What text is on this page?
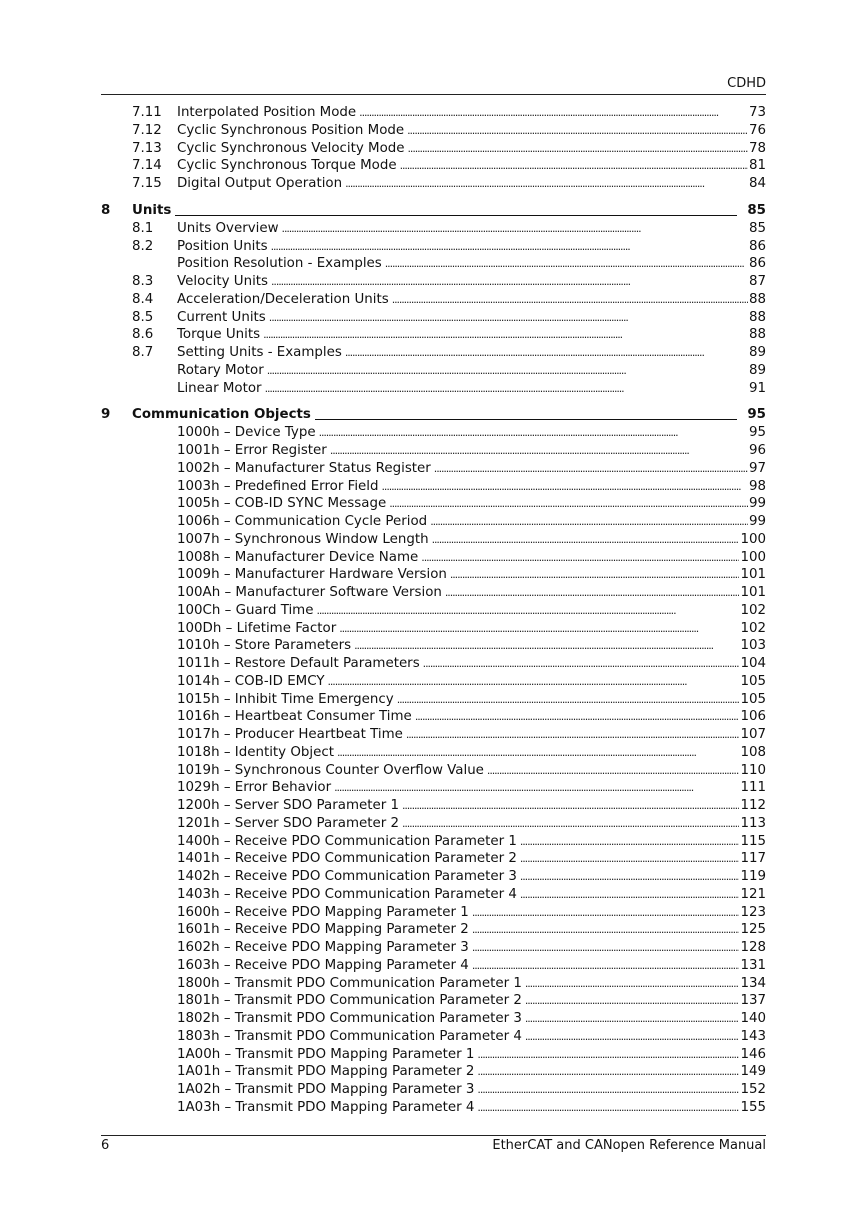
CDHD
7.11	Interpolated Position Mode . . .	73
7.12	Cyclic Synchronous Position Mode . . .	76
7.13	Cyclic Synchronous Velocity Mode . . .	78
7.14	Cyclic Synchronous Torque Mode . . .	81
7.15	Digital Output Operation . . .	84
8	Units	85
8.1	Units Overview . . .	85
8.2	Position Units . . .	86
Position Resolution - Examples . . .	86
8.3	Velocity Units . . .	87
8.4	Acceleration/Deceleration Units . . .	88
8.5	Current Units . . .	88
8.6	Torque Units . . .	88
8.7	Setting Units - Examples . . .	89
Rotary Motor . . .	89
Linear Motor . . .	91
9	Communication Objects	95
1000h – Device Type . . .	95
1001h – Error Register . . .	96
1002h – Manufacturer Status Register . . .	97
1003h – Predefined Error Field . . .	98
1005h – COB-ID SYNC Message . . .	99
1006h – Communication Cycle Period . . .	99
1007h – Synchronous Window Length . . .	100
1008h – Manufacturer Device Name . . .	100
1009h – Manufacturer Hardware Version . . .	101
100Ah – Manufacturer Software Version . . .	101
100Ch – Guard Time . . .	102
100Dh – Lifetime Factor . . .	102
1010h – Store Parameters . . .	103
1011h – Restore Default Parameters . . .	104
1014h – COB-ID EMCY . . .	105
1015h – Inhibit Time Emergency . . .	105
1016h – Heartbeat Consumer Time . . .	106
1017h – Producer Heartbeat Time . . .	107
1018h – Identity Object . . .	108
1019h – Synchronous Counter Overflow Value . . .	110
1029h – Error Behavior . . .	111
1200h – Server SDO Parameter 1 . . .	112
1201h – Server SDO Parameter 2 . . .	113
1400h – Receive PDO Communication Parameter 1 . . .	115
1401h – Receive PDO Communication Parameter 2 . . .	117
1402h – Receive PDO Communication Parameter 3 . . .	119
1403h – Receive PDO Communication Parameter 4 . . .	121
1600h – Receive PDO Mapping Parameter 1 . . .	123
1601h – Receive PDO Mapping Parameter 2 . . .	125
1602h – Receive PDO Mapping Parameter 3 . . .	128
1603h – Receive PDO Mapping Parameter 4 . . .	131
1800h – Transmit PDO Communication Parameter 1 . . .	134
1801h – Transmit PDO Communication Parameter 2 . . .	137
1802h – Transmit PDO Communication Parameter 3 . . .	140
1803h – Transmit PDO Communication Parameter 4 . . .	143
1A00h – Transmit PDO Mapping Parameter 1 . . .	146
1A01h – Transmit PDO Mapping Parameter 2 . . .	149
1A02h – Transmit PDO Mapping Parameter 3 . . .	152
1A03h – Transmit PDO Mapping Parameter 4 . . .	155
6	EtherCAT and CANopen Reference Manual
